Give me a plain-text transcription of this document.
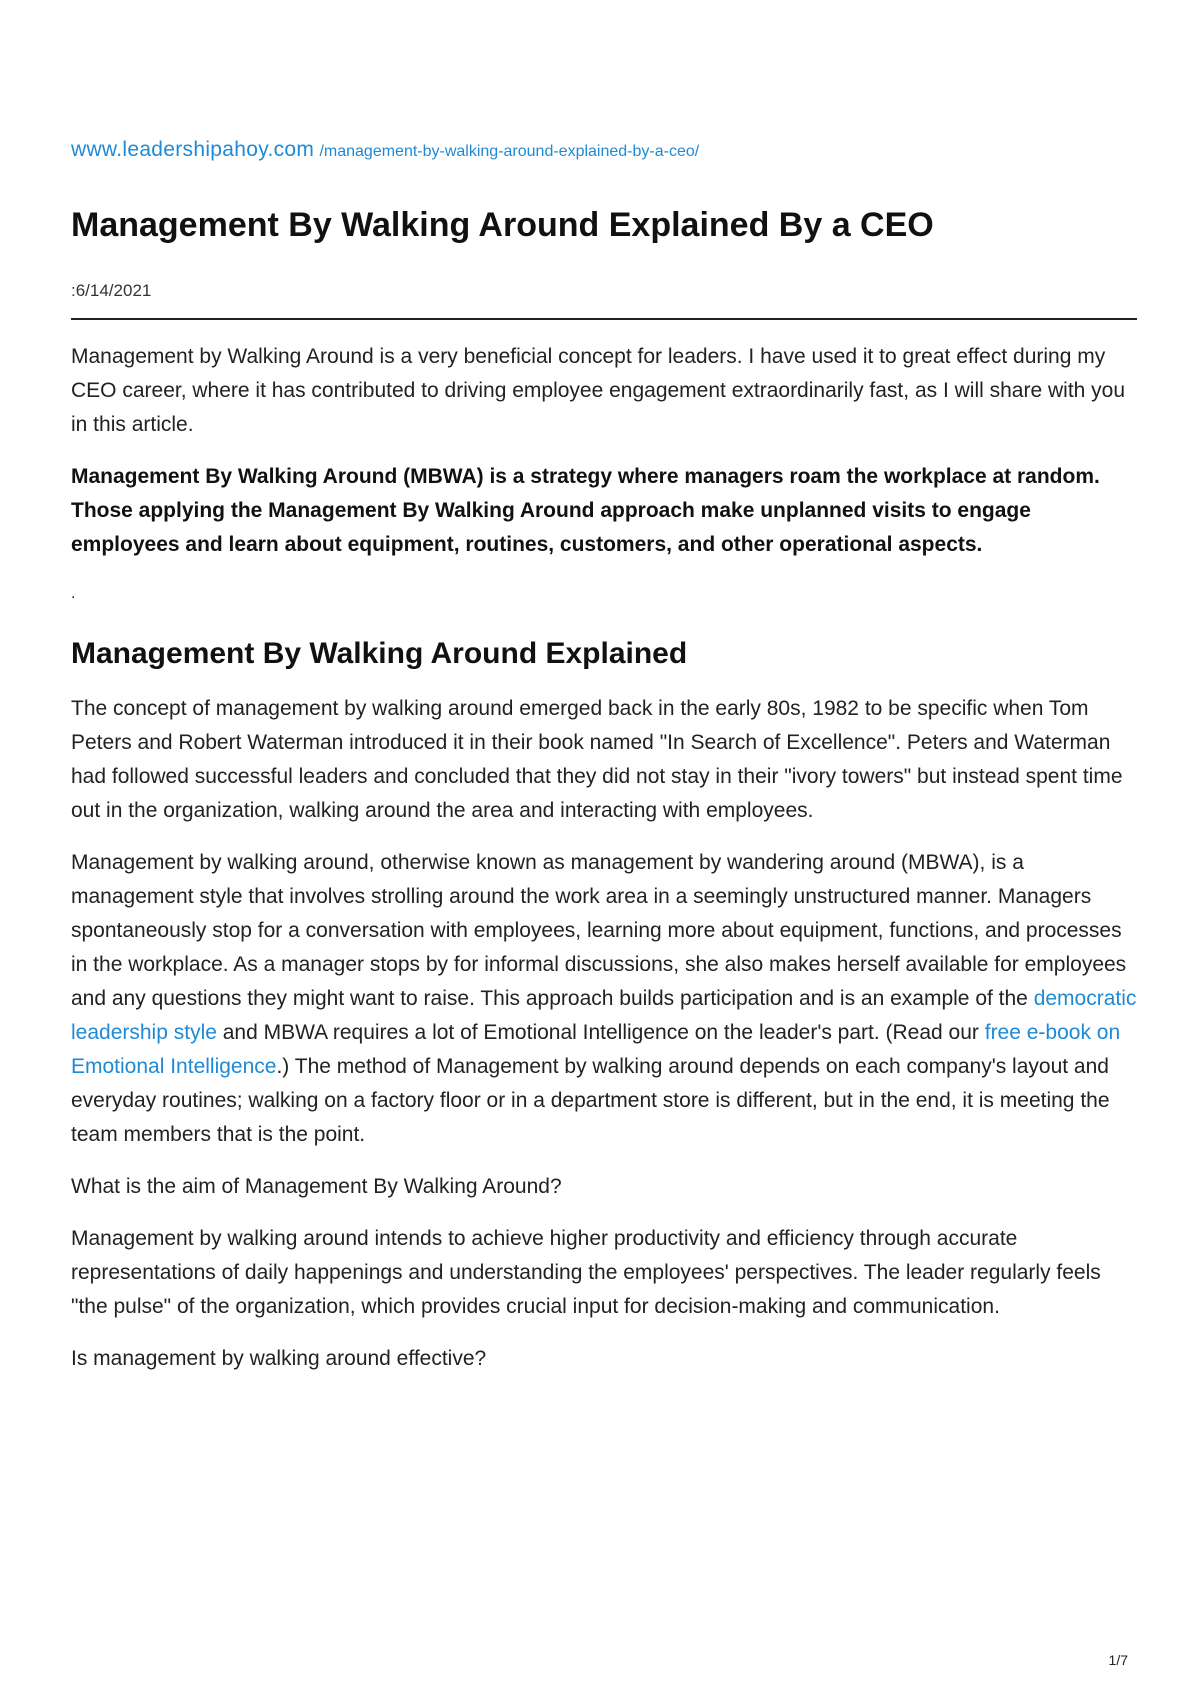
www.leadershipahoy.com /management-by-walking-around-explained-by-a-ceo/

Management By Walking Around Explained By a CEO
:6/14/2021

Management by Walking Around is a very beneficial concept for leaders. I have used it to great effect during my CEO career, where it has contributed to driving employee engagement extraordinarily fast, as I will share with you in this article.

Management By Walking Around (MBWA) is a strategy where managers roam the workplace at random. Those applying the Management By Walking Around approach make unplanned visits to engage employees and learn about equipment, routines, customers, and other operational aspects.

.

Management By Walking Around Explained

The concept of management by walking around emerged back in the early 80s, 1982 to be specific when Tom Peters and Robert Waterman introduced it in their book named "In Search of Excellence". Peters and Waterman had followed successful leaders and concluded that they did not stay in their "ivory towers" but instead spent time out in the organization, walking around the area and interacting with employees.

Management by walking around, otherwise known as management by wandering around (MBWA), is a management style that involves strolling around the work area in a seemingly unstructured manner. Managers spontaneously stop for a conversation with employees, learning more about equipment, functions, and processes in the workplace. As a manager stops by for informal discussions, she also makes herself available for employees and any questions they might want to raise. This approach builds participation and is an example of the democratic leadership style and MBWA requires a lot of Emotional Intelligence on the leader's part. (Read our free e-book on Emotional Intelligence.) The method of Management by walking around depends on each company's layout and everyday routines; walking on a factory floor or in a department store is different, but in the end, it is meeting the team members that is the point.

What is the aim of Management By Walking Around?

Management by walking around intends to achieve higher productivity and efficiency through accurate representations of daily happenings and understanding the employees' perspectives. The leader regularly feels "the pulse" of the organization, which provides crucial input for decision-making and communication.

Is management by walking around effective?

1/7
